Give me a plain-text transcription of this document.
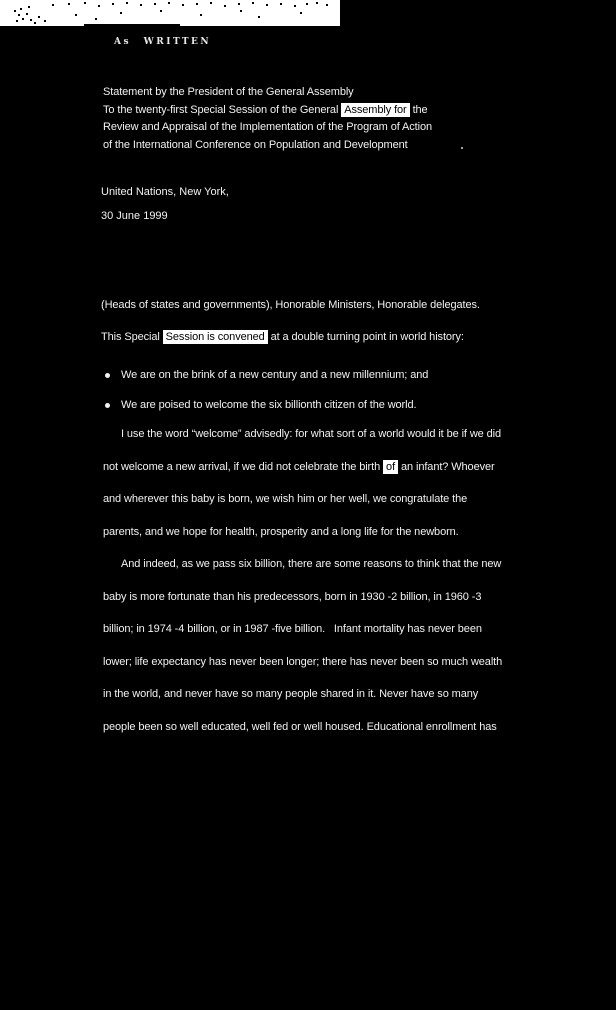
As WRITTEN
Statement by the President of the General Assembly
To the twenty-first Special Session of the General Assembly for the
Review and Appraisal of the Implementation of the Program of Action
of the International Conference on Population and Development
United Nations, New York,
30 June 1999
(Heads of states and governments), Honorable Ministers, Honorable delegates.
This Special Session is convened at a double turning point in world history:
We are on the brink of a new century and a new millennium; and
We are poised to welcome the six billionth citizen of the world.
I use the word “welcome” advisedly: for what sort of a world would it be if we did
not welcome a new arrival, if we did not celebrate the birth of an infant? Whoever
and wherever this baby is born, we wish him or her well, we congratulate the
parents, and we hope for health, prosperity and a long life for the newborn.
And indeed, as we pass six billion, there are some reasons to think that the new
baby is more fortunate than his predecessors, born in 1930 -2 billion, in 1960 -3
billion; in 1974 -4 billion, or in 1987 -five billion.   Infant mortality has never been
lower; life expectancy has never been longer; there has never been so much wealth
in the world, and never have so many people shared in it. Never have so many
people been so well educated, well fed or well housed. Educational enrollment has
